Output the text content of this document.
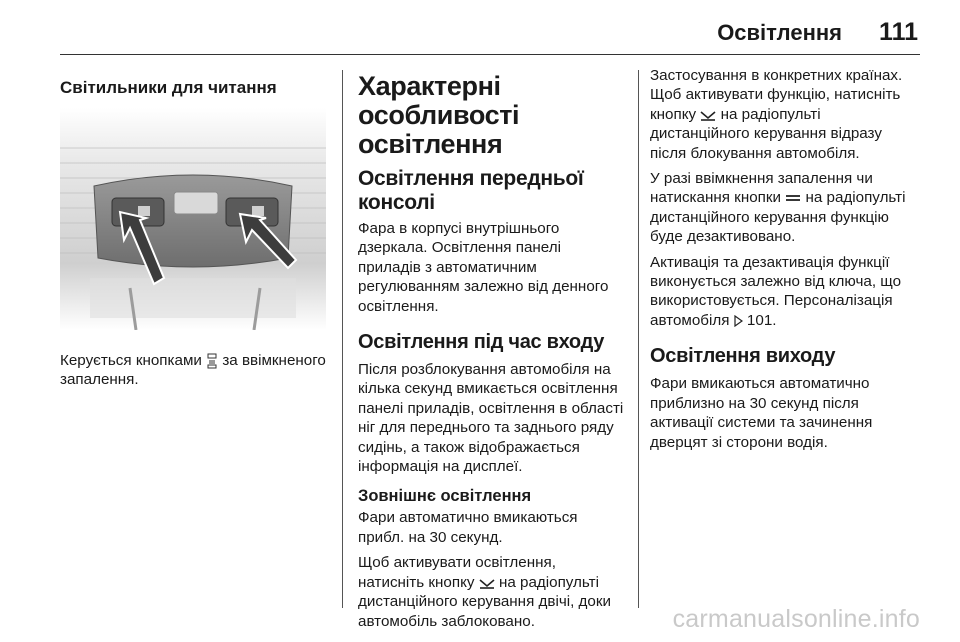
Освітлення 111
Світильники для читання

Керується кнопками  за ввімкненого запалення.

Характерні особливості освітлення
Освітлення передньої консолі

Фара в корпусі внутрішнього дзеркала. Освітлення панелі приладів з автоматичним регулюванням залежно від денного освітлення.

Освітлення під час входу

Після розблокування автомобіля на кілька секунд вмикається освітлення панелі приладів, освітлення в області ніг для переднього та заднього ряду сидінь, а також відображається інформація на дисплеї.

Зовнішнє освітлення

Фари автоматично вмикаються прибл. на 30 секунд.

Щоб активувати освітлення, натисніть кнопку  на радіопульті дистанційного керування двічі, доки автомобіль заблоковано.

Застосування в конкретних країнах. Щоб активувати функцію, натисніть кнопку  на радіопульті дистанційного керування відразу після блокування автомобіля.

У разі ввімкнення запалення чи натискання кнопки  на радіопульті дистанційного керування функцію буде дезактивовано.

Активація та дезактивація функції виконується залежно від ключа, що використовується. Персоналізація автомобіля  101.

Освітлення виходу

Фари вмикаються автоматично приблизно на 30 секунд після активації системи та зачинення дверцят зі сторони водія.

carmanualsonline.info
